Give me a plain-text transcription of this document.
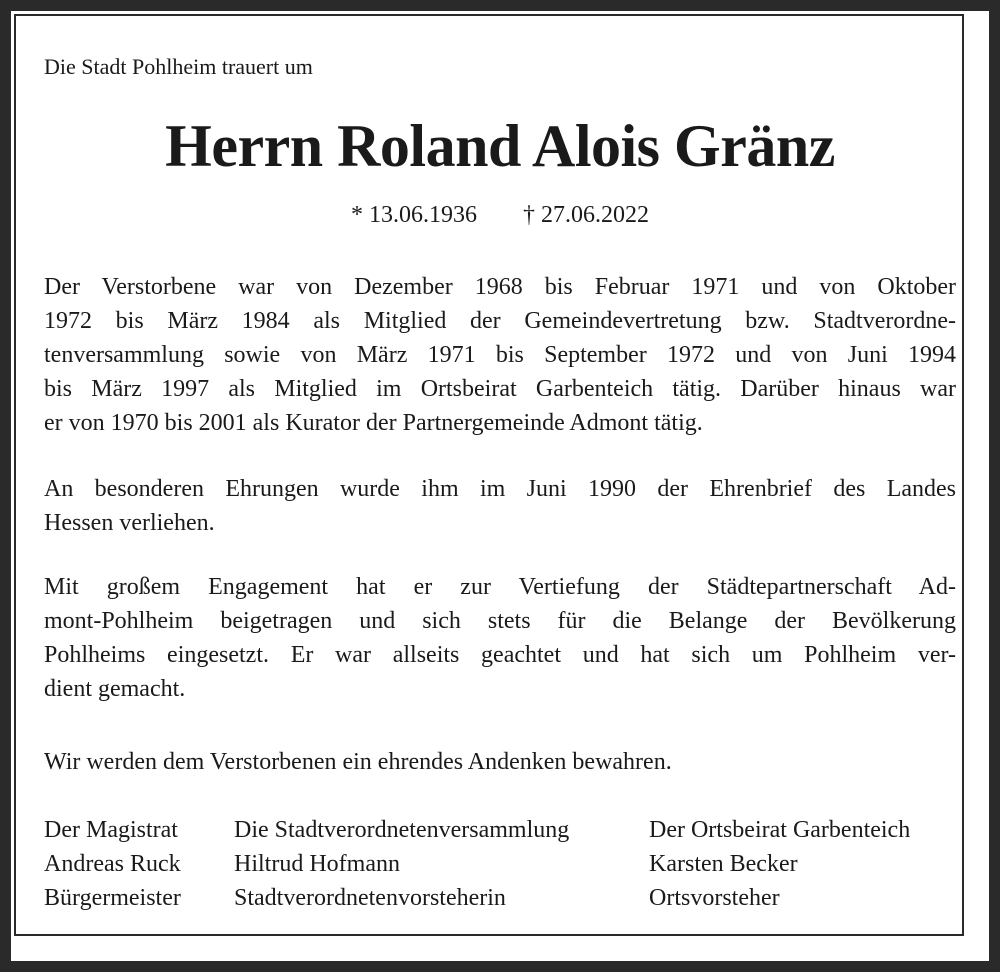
Die Stadt Pohlheim trauert um
Herrn Roland Alois Gränz
* 13.06.1936 † 27.06.2022
Der Verstorbene war von Dezember 1968 bis Februar 1971 und von Oktober
1972 bis März 1984 als Mitglied der Gemeindevertretung bzw. Stadtverordne-
tenversammlung sowie von März 1971 bis September 1972 und von Juni 1994
bis März 1997 als Mitglied im Ortsbeirat Garbenteich tätig. Darüber hinaus war
er von 1970 bis 2001 als Kurator der Partnergemeinde Admont tätig.
An besonderen Ehrungen wurde ihm im Juni 1990 der Ehrenbrief des Landes
Hessen verliehen.
Mit großem Engagement hat er zur Vertiefung der Städtepartnerschaft Ad-
mont-Pohlheim beigetragen und sich stets für die Belange der Bevölkerung
Pohlheims eingesetzt. Er war allseits geachtet und hat sich um Pohlheim ver-
dient gemacht.
Wir werden dem Verstorbenen ein ehrendes Andenken bewahren.
Der Magistrat
Andreas Ruck
Bürgermeister
Die Stadtverordnetenversammlung
Hiltrud Hofmann
Stadtverordnetenvorsteherin
Der Ortsbeirat Garbenteich
Karsten Becker
Ortsvorsteher
